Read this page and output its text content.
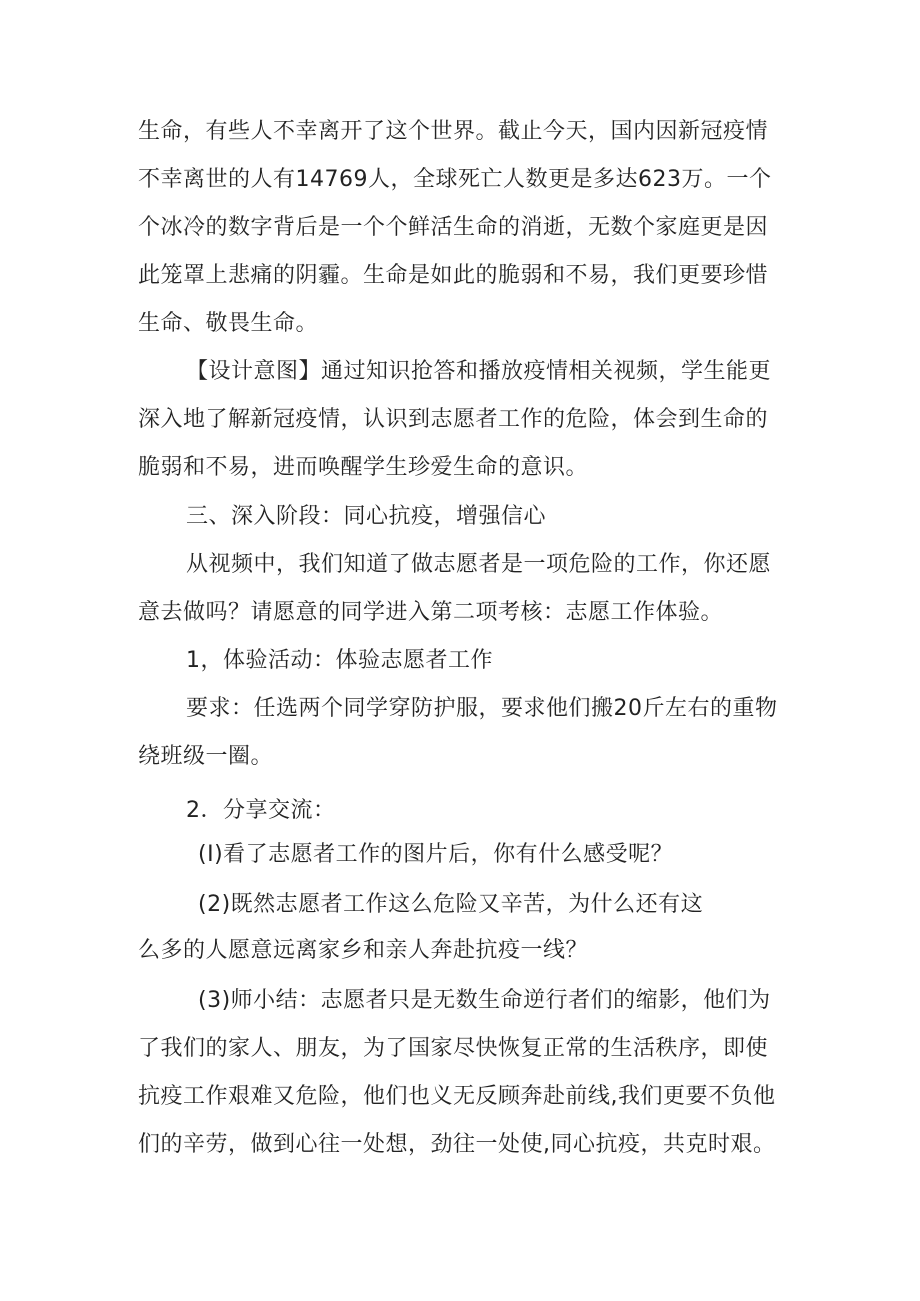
生命，有些人不幸离开了这个世界。截止今天，国内因新冠疫情
不幸离世的人有14769人，全球死亡人数更是多达623万。一个
个冰冷的数字背后是一个个鲜活生命的消逝，无数个家庭更是因
此笼罩上悲痛的阴霾。生命是如此的脆弱和不易，我们更要珍惜
生命、敬畏生命。
【设计意图】通过知识抢答和播放疫情相关视频，学生能更
深入地了解新冠疫情，认识到志愿者工作的危险，体会到生命的
脆弱和不易，进而唤醒学生珍爱生命的意识。
三、深入阶段：同心抗疫，增强信心
从视频中，我们知道了做志愿者是一项危险的工作，你还愿
意去做吗？请愿意的同学进入第二项考核：志愿工作体验。
1，体验活动：体验志愿者工作
要求：任选两个同学穿防护服，要求他们搬20斤左右的重物
绕班级一圈。
2．分享交流：
(I)看了志愿者工作的图片后，你有什么感受呢？
(2)既然志愿者工作这么危险又辛苦，为什么还有这
么多的人愿意远离家乡和亲人奔赴抗疫一线？
(3)师小结：志愿者只是无数生命逆行者们的缩影，他们为
了我们的家人、朋友，为了国家尽快恢复正常的生活秩序，即使
抗疫工作艰难又危险，他们也义无反顾奔赴前线,我们更要不负他
们的辛劳，做到心往一处想，劲往一处使,同心抗疫，共克时艰。
